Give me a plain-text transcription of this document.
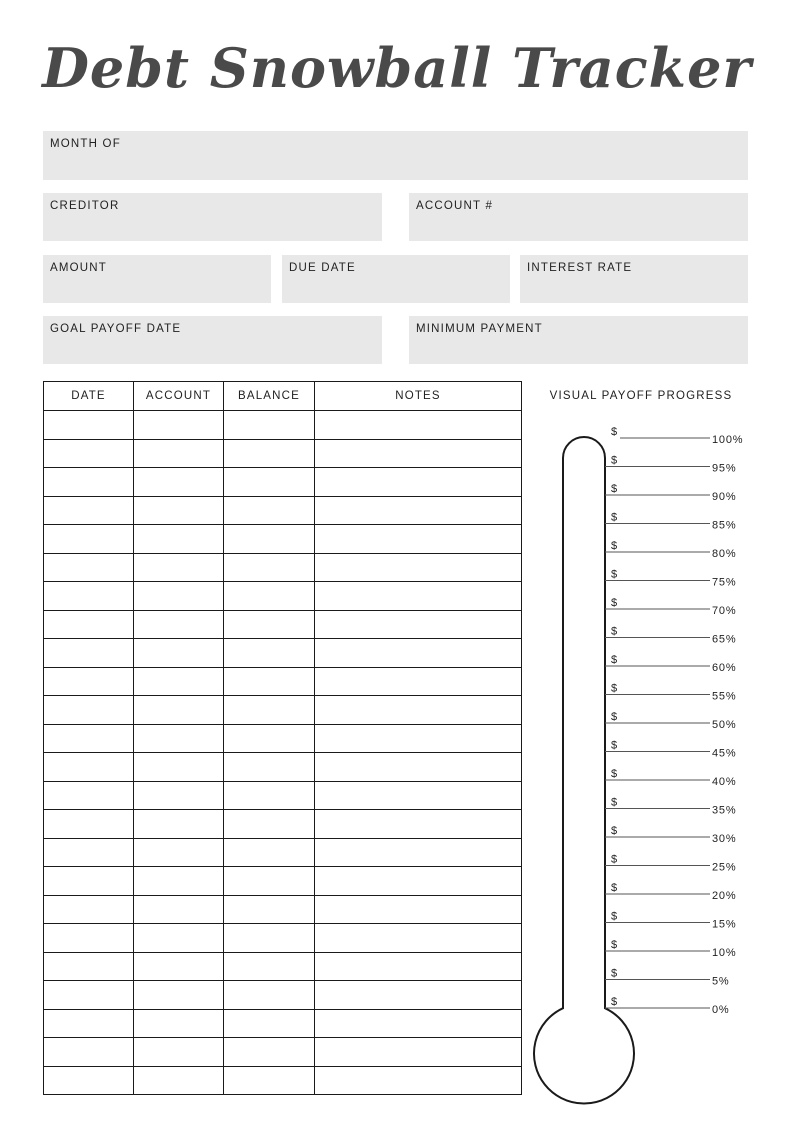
Debt Snowball Tracker
MONTH OF
CREDITOR	ACCOUNT #
AMOUNT	DUE DATE	INTEREST RATE
GOAL PAYOFF DATE	MINIMUM PAYMENT
DATE	ACCOUNT	BALANCE	NOTES

				VISUAL PAYOFF PROGRESS
$
100%
$
95%
$
90%
$
85%
$
80%
$
75%
$
70%
$
65%
$
60%
$
55%
$
50%
$
45%
$
40%
$
35%
$
30%
$
25%
$
20%
$
15%
$
10%
$
5%
$
0%
